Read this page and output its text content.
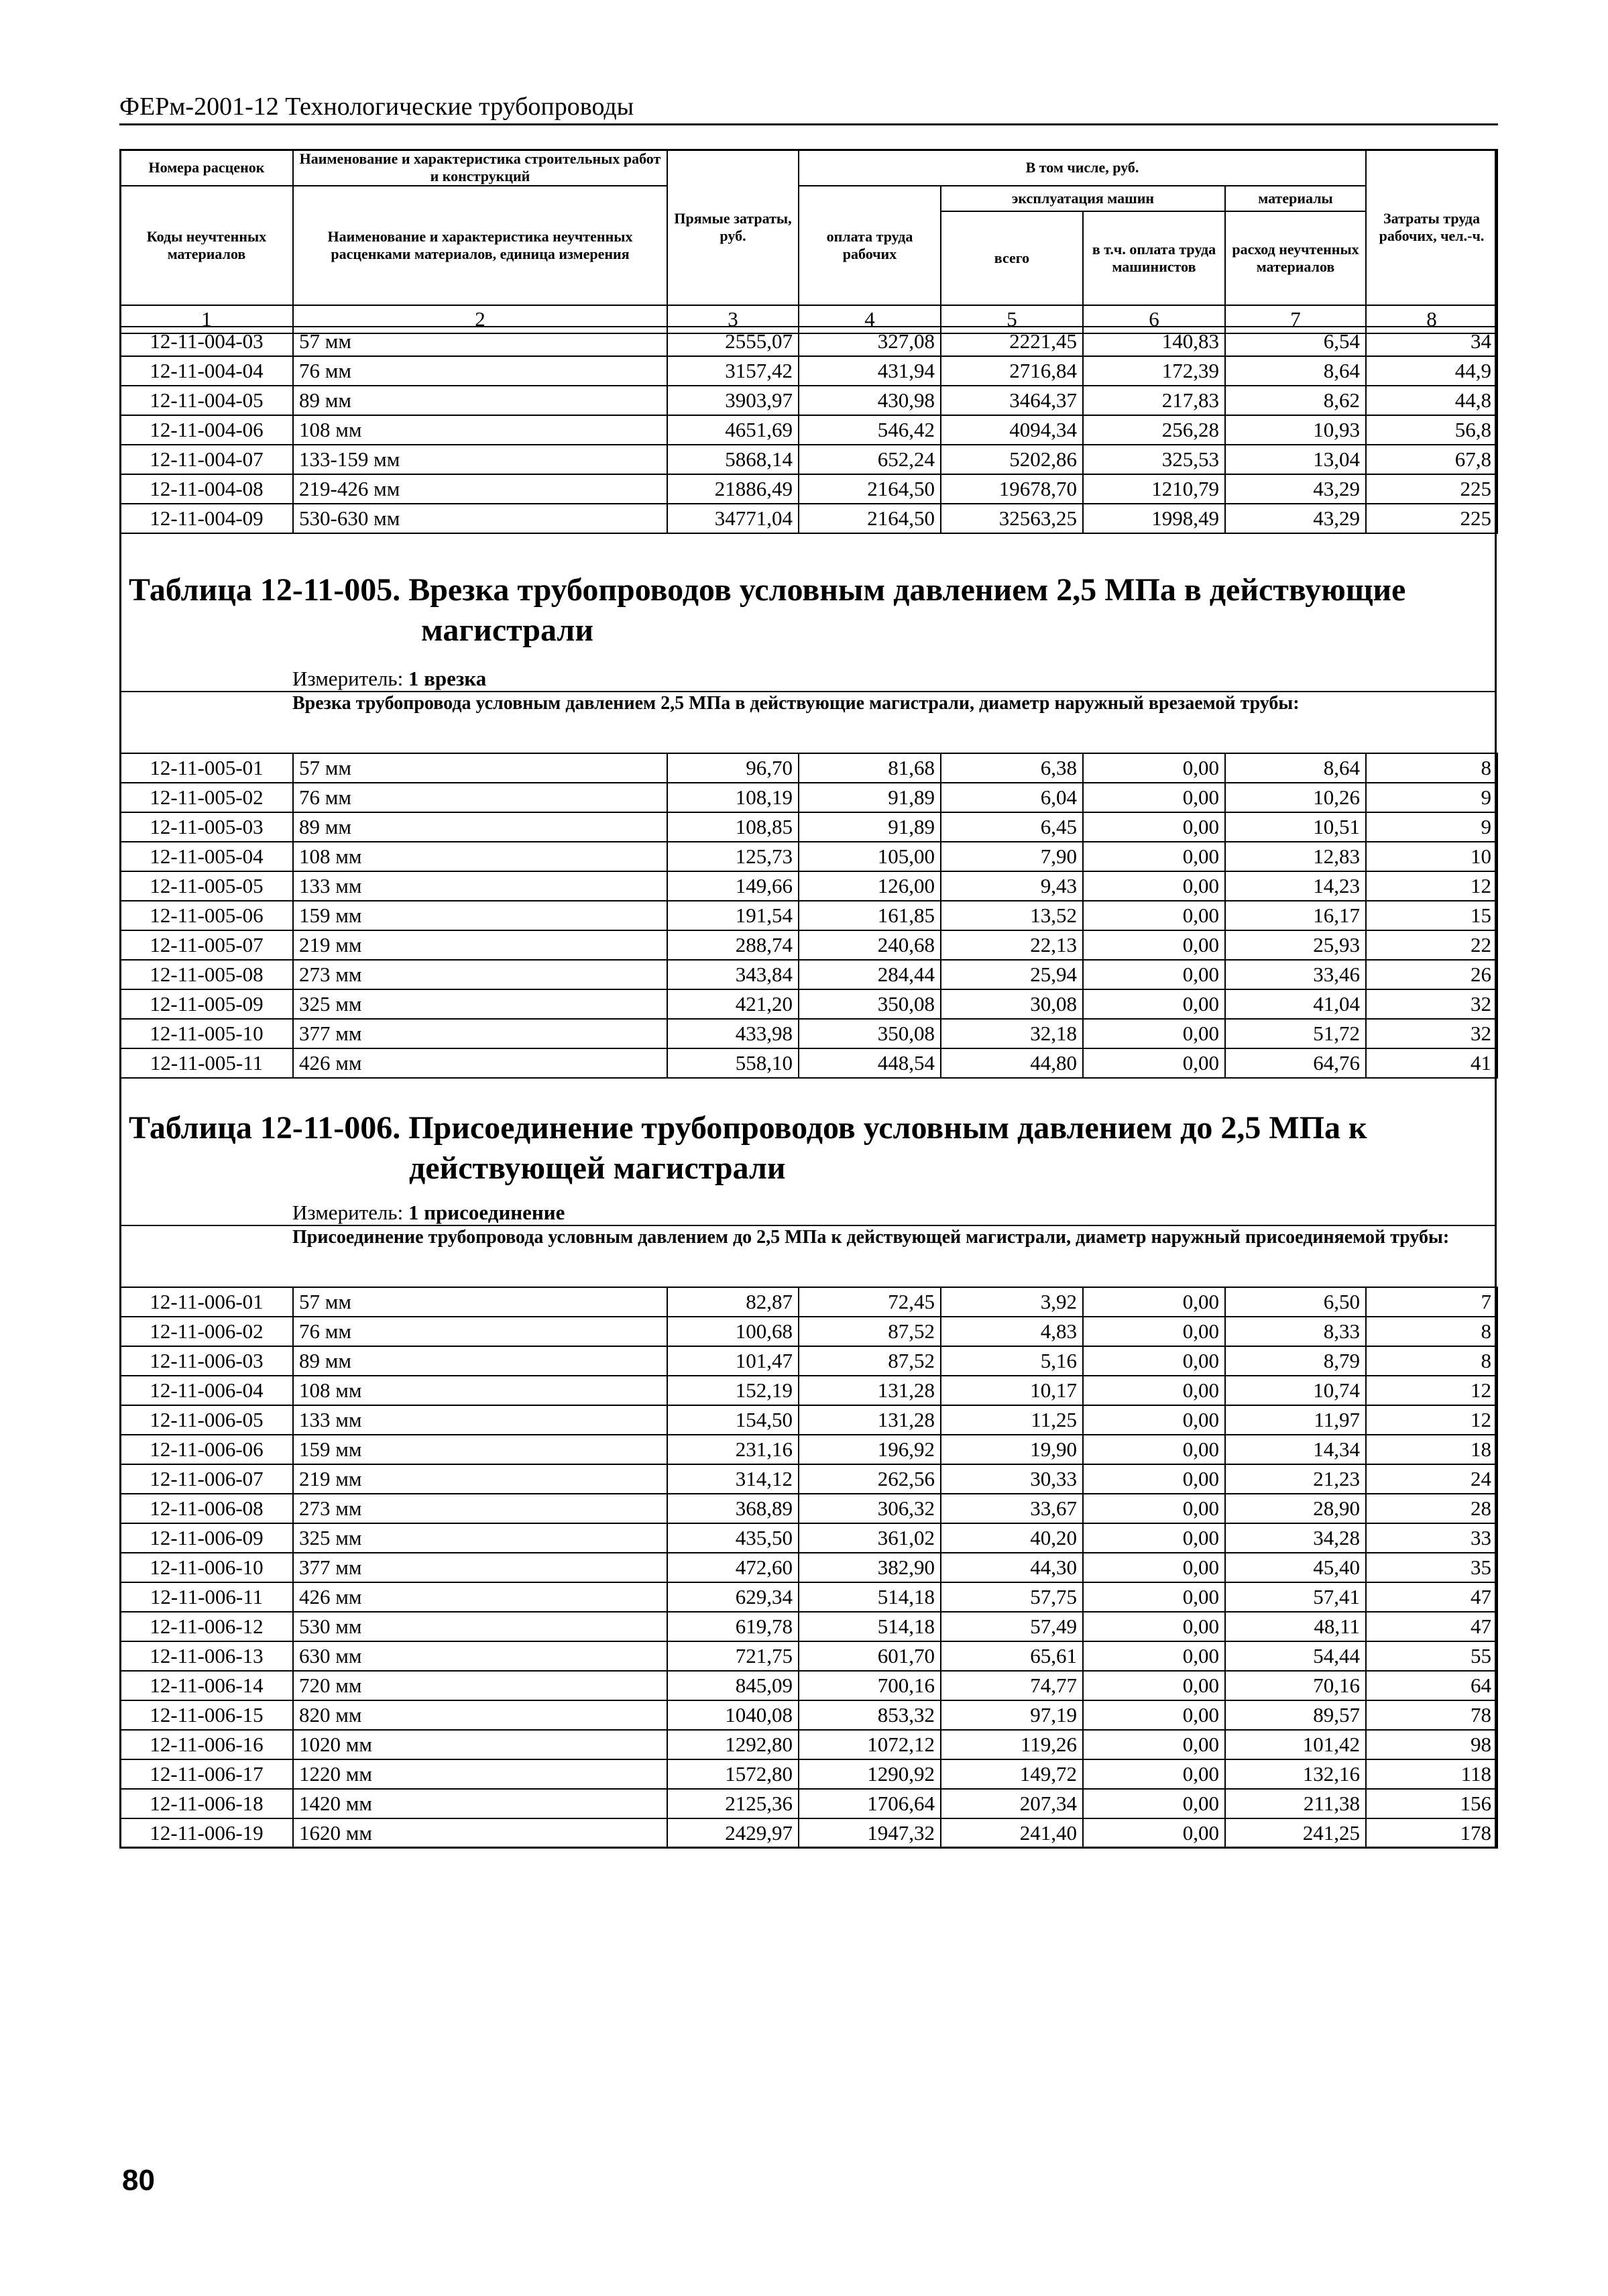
ФЕРм-2001-12 Технологические трубопроводы
Номера расценок	Наименование и характеристика строительных работ и конструкций	Прямые затраты, руб.	В том числе, руб.				Затраты труда рабочих, чел.-ч.
Коды неучтенных материалов	Наименование и характеристика неучтенных расценками материалов, единица измерения		оплата труда рабочих	эксплуатация машин		материалы	
				всего	в т.ч. оплата труда машинистов	расход неучтенных материалов	
1	2	3	4	5	6	7	8
12-11-004-03	57 мм	2555,07	327,08	2221,45	140,83	6,54	34
12-11-004-04	76 мм	3157,42	431,94	2716,84	172,39	8,64	44,9
12-11-004-05	89 мм	3903,97	430,98	3464,37	217,83	8,62	44,8
12-11-004-06	108 мм	4651,69	546,42	4094,34	256,28	10,93	56,8
12-11-004-07	133-159 мм	5868,14	652,24	5202,86	325,53	13,04	67,8
12-11-004-08	219-426 мм	21886,49	2164,50	19678,70	1210,79	43,29	225
12-11-004-09	530-630 мм	34771,04	2164,50	32563,25	1998,49	43,29	225
Таблица 12-11-005. Врезка трубопроводов условным давлением 2,5 МПа в действующие
магистрали
Измеритель: 1 врезка
Врезка трубопровода условным давлением 2,5 МПа в действующие магистрали, диаметр наружный врезаемой трубы:
12-11-005-01	57 мм	96,70	81,68	6,38	0,00	8,64	8
12-11-005-02	76 мм	108,19	91,89	6,04	0,00	10,26	9
12-11-005-03	89 мм	108,85	91,89	6,45	0,00	10,51	9
12-11-005-04	108 мм	125,73	105,00	7,90	0,00	12,83	10
12-11-005-05	133 мм	149,66	126,00	9,43	0,00	14,23	12
12-11-005-06	159 мм	191,54	161,85	13,52	0,00	16,17	15
12-11-005-07	219 мм	288,74	240,68	22,13	0,00	25,93	22
12-11-005-08	273 мм	343,84	284,44	25,94	0,00	33,46	26
12-11-005-09	325 мм	421,20	350,08	30,08	0,00	41,04	32
12-11-005-10	377 мм	433,98	350,08	32,18	0,00	51,72	32
12-11-005-11	426 мм	558,10	448,54	44,80	0,00	64,76	41
Таблица 12-11-006. Присоединение трубопроводов условным давлением до 2,5 МПа к
действующей магистрали
Измеритель: 1 присоединение
Присоединение трубопровода условным давлением до 2,5 МПа к действующей магистрали, диаметр наружный присоединяемой трубы:
12-11-006-01	57 мм	82,87	72,45	3,92	0,00	6,50	7
12-11-006-02	76 мм	100,68	87,52	4,83	0,00	8,33	8
12-11-006-03	89 мм	101,47	87,52	5,16	0,00	8,79	8
12-11-006-04	108 мм	152,19	131,28	10,17	0,00	10,74	12
12-11-006-05	133 мм	154,50	131,28	11,25	0,00	11,97	12
12-11-006-06	159 мм	231,16	196,92	19,90	0,00	14,34	18
12-11-006-07	219 мм	314,12	262,56	30,33	0,00	21,23	24
12-11-006-08	273 мм	368,89	306,32	33,67	0,00	28,90	28
12-11-006-09	325 мм	435,50	361,02	40,20	0,00	34,28	33
12-11-006-10	377 мм	472,60	382,90	44,30	0,00	45,40	35
12-11-006-11	426 мм	629,34	514,18	57,75	0,00	57,41	47
12-11-006-12	530 мм	619,78	514,18	57,49	0,00	48,11	47
12-11-006-13	630 мм	721,75	601,70	65,61	0,00	54,44	55
12-11-006-14	720 мм	845,09	700,16	74,77	0,00	70,16	64
12-11-006-15	820 мм	1040,08	853,32	97,19	0,00	89,57	78
12-11-006-16	1020 мм	1292,80	1072,12	119,26	0,00	101,42	98
12-11-006-17	1220 мм	1572,80	1290,92	149,72	0,00	132,16	118
12-11-006-18	1420 мм	2125,36	1706,64	207,34	0,00	211,38	156
12-11-006-19	1620 мм	2429,97	1947,32	241,40	0,00	241,25	178
80
